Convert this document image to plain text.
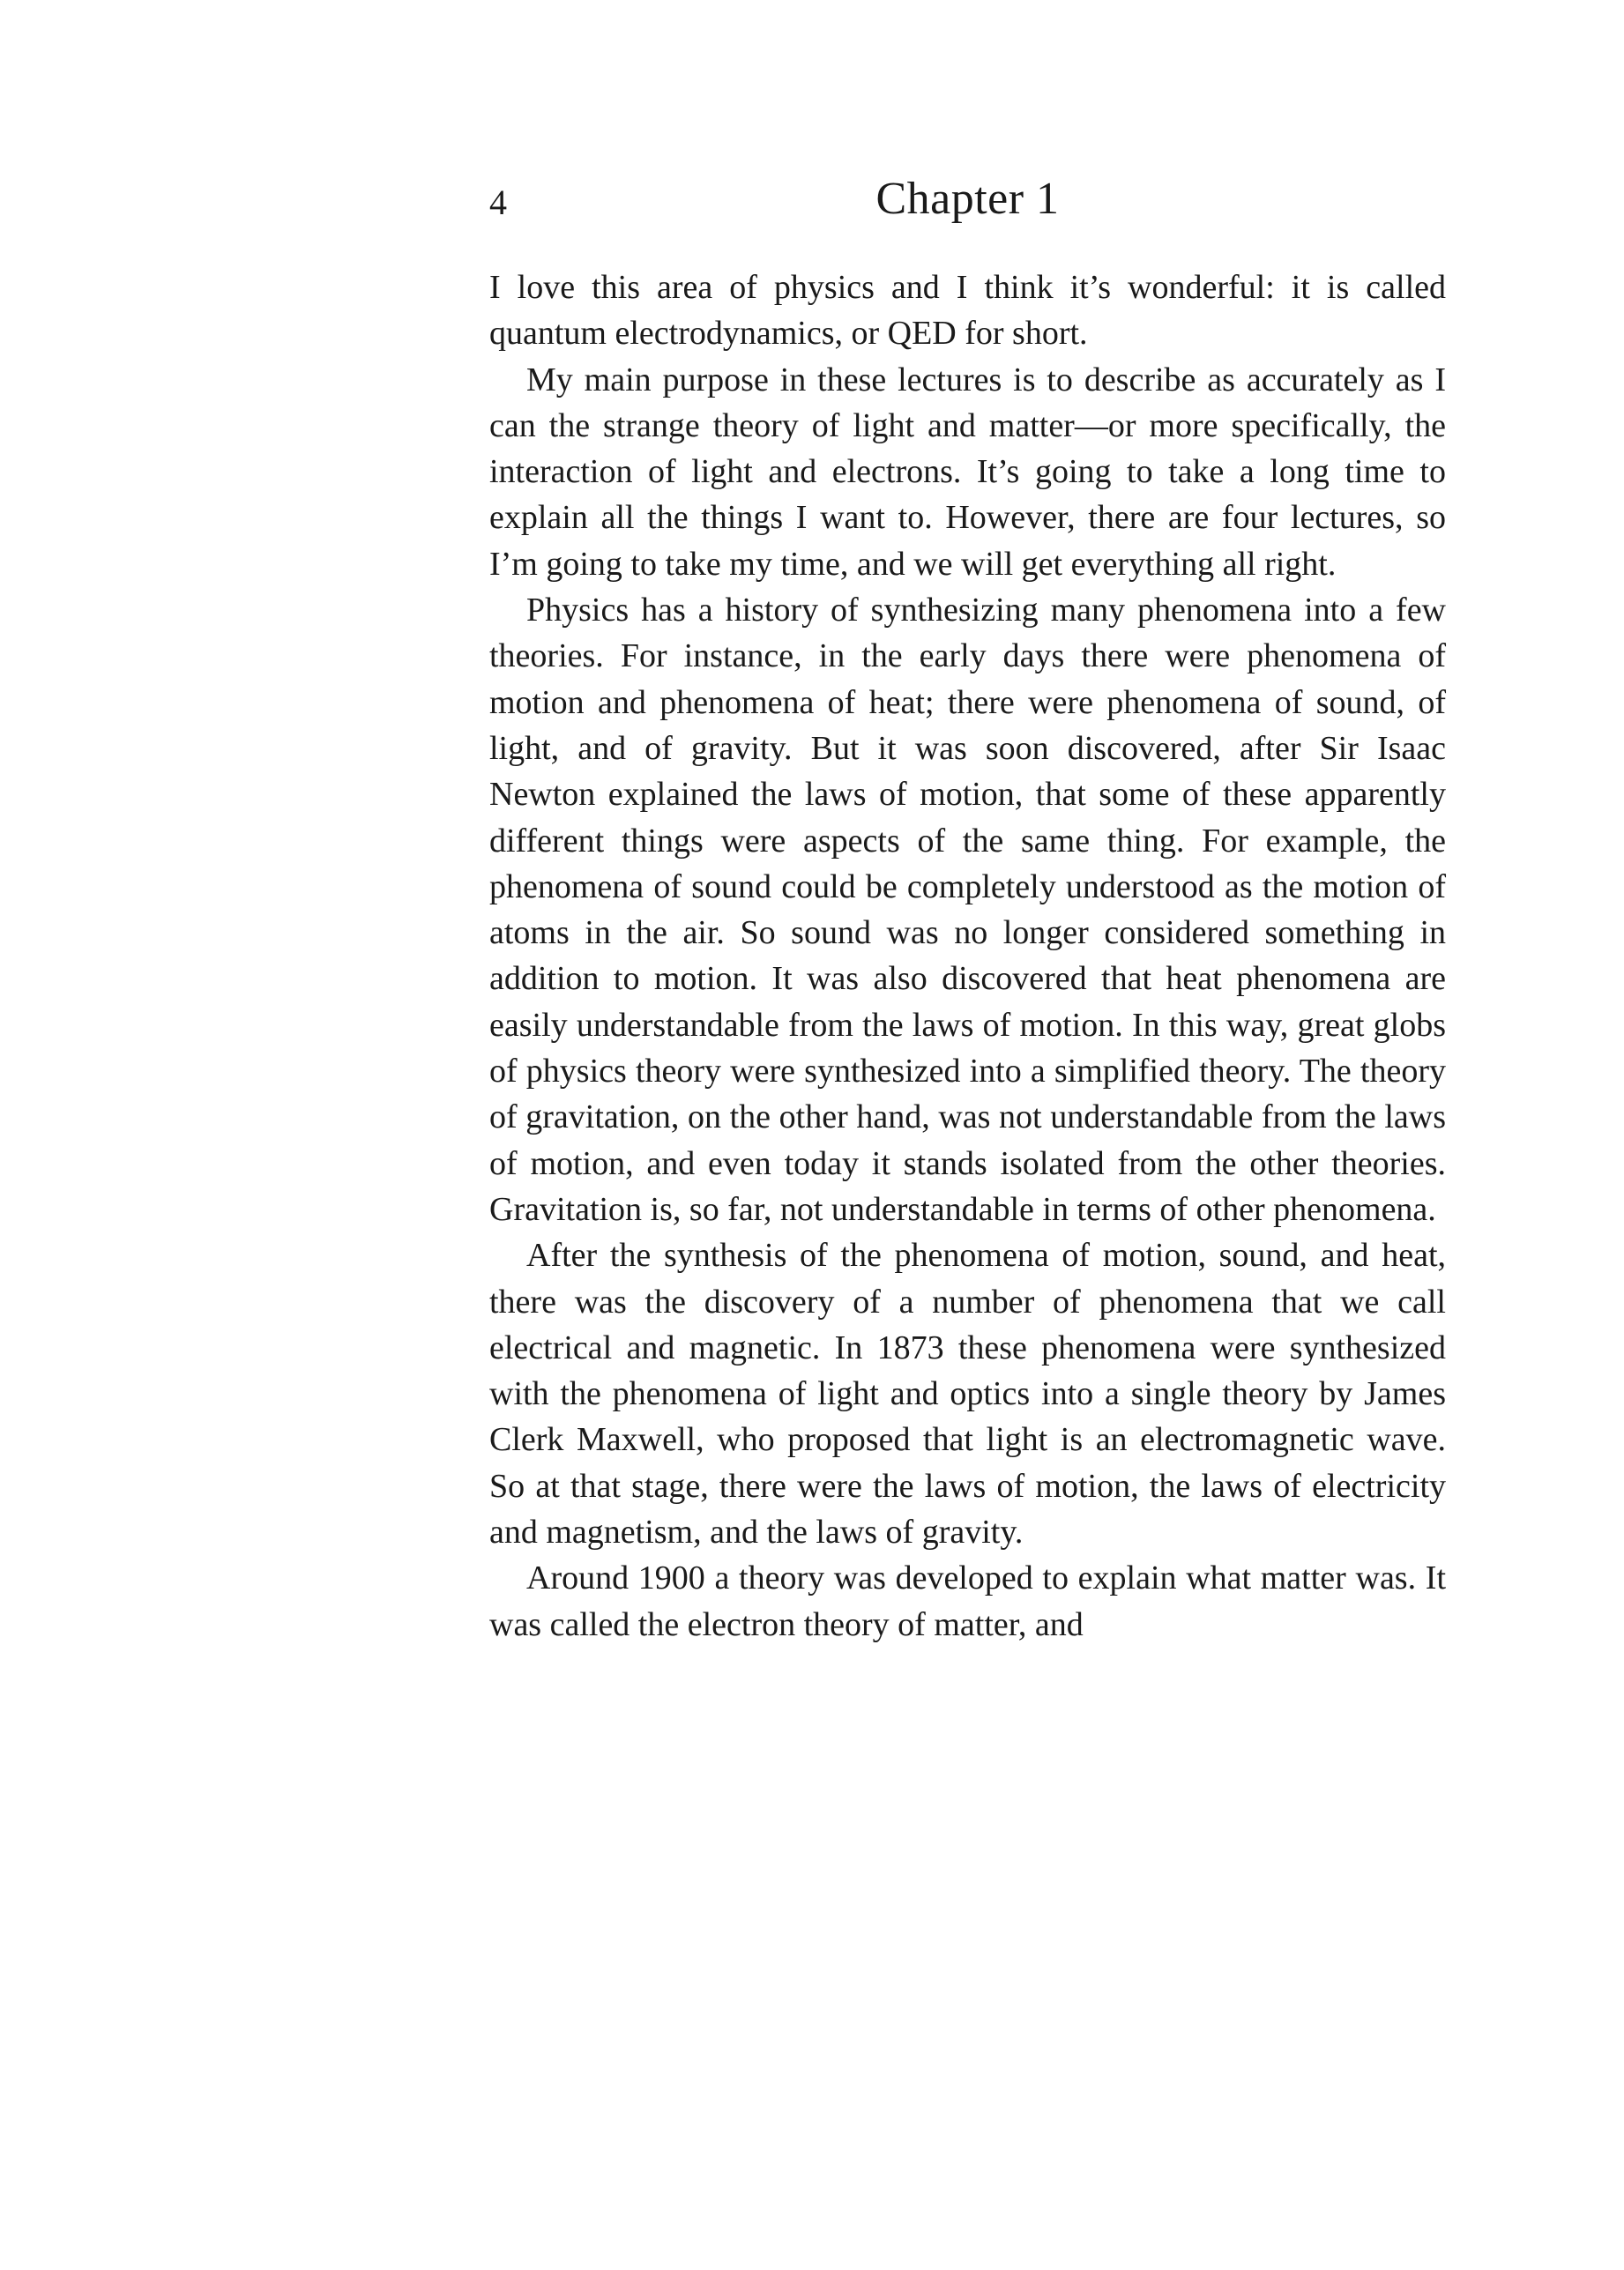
4	Chapter 1

I love this area of physics and I think it’s wonderful: it is called quantum electrodynamics, or QED for short.

My main purpose in these lectures is to describe as accurately as I can the strange theory of light and matter—or more specifically, the interaction of light and electrons. It’s going to take a long time to explain all the things I want to. However, there are four lectures, so I’m going to take my time, and we will get everything all right.

Physics has a history of synthesizing many phenomena into a few theories. For instance, in the early days there were phenomena of motion and phenomena of heat; there were phenomena of sound, of light, and of gravity. But it was soon discovered, after Sir Isaac Newton explained the laws of motion, that some of these apparently different things were aspects of the same thing. For example, the phenomena of sound could be completely understood as the motion of atoms in the air. So sound was no longer considered something in addition to motion. It was also discovered that heat phenomena are easily understandable from the laws of motion. In this way, great globs of physics theory were synthesized into a simplified theory. The theory of gravitation, on the other hand, was not understandable from the laws of motion, and even today it stands isolated from the other theories. Gravitation is, so far, not understandable in terms of other phenomena.

After the synthesis of the phenomena of motion, sound, and heat, there was the discovery of a number of phenomena that we call electrical and magnetic. In 1873 these phenomena were synthesized with the phenomena of light and optics into a single theory by James Clerk Maxwell, who proposed that light is an electromagnetic wave. So at that stage, there were the laws of motion, the laws of electricity and magnetism, and the laws of gravity.

Around 1900 a theory was developed to explain what matter was. It was called the electron theory of matter, and
